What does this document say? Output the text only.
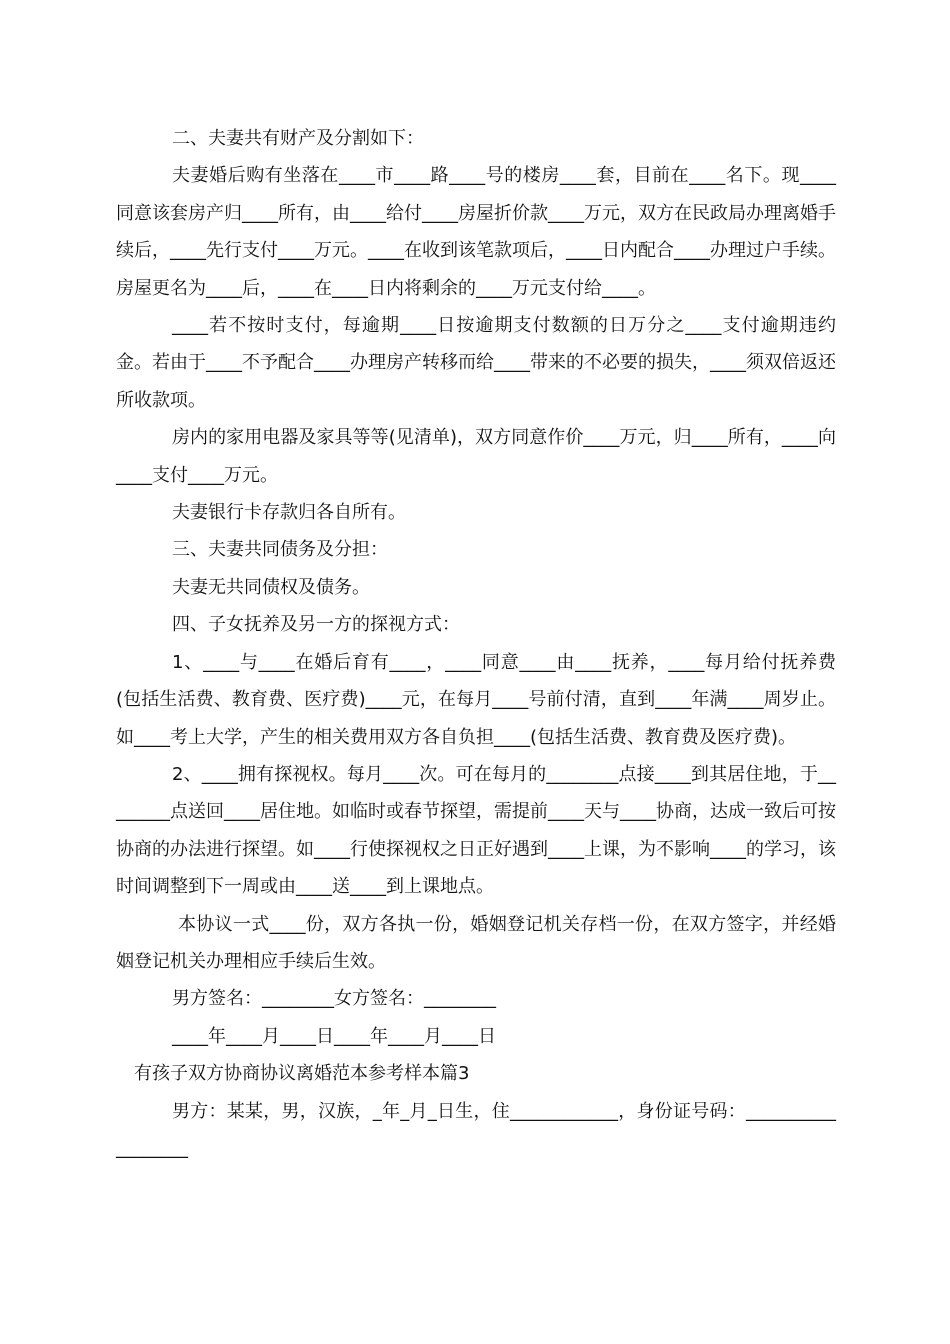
二、夫妻共有财产及分割如下：

夫妻婚后购有坐落在____市____路____号的楼房____套，目前在____名下。现____同意该套房产归____所有，由____给付____房屋折价款____万元，双方在民政局办理离婚手续后，____先行支付____万元。____在收到该笔款项后，____日内配合____办理过户手续。房屋更名为____后，____在____日内将剩余的____万元支付给____。

____若不按时支付，每逾期____日按逾期支付数额的日万分之____支付逾期违约金。若由于____不予配合____办理房产转移而给____带来的不必要的损失，____须双倍返还所收款项。

房内的家用电器及家具等等(见清单)，双方同意作价____万元，归____所有，____向____支付____万元。

夫妻银行卡存款归各自所有。

三、夫妻共同债务及分担：

夫妻无共同债权及债务。

四、子女抚养及另一方的探视方式：

1、____与____在婚后育有____，____同意____由____抚养，____每月给付抚养费(包括生活费、教育费、医疗费)____元，在每月____号前付清，直到____年满____周岁止。如____考上大学，产生的相关费用双方各自负担____(包括生活费、教育费及医疗费)。

2、____拥有探视权。每月____次。可在每月的________点接____到其居住地，于________点送回____居住地。如临时或春节探望，需提前____天与____协商，达成一致后可按协商的办法进行探望。如____行使探视权之日正好遇到____上课，为不影响____的学习，该时间调整到下一周或由____送____到上课地点。

本协议一式____份，双方各执一份，婚姻登记机关存档一份，在双方签字，并经婚姻登记机关办理相应手续后生效。

男方签名：________女方签名：________

____年____月____日____年____月____日

有孩子双方协商协议离婚范本参考样本篇3

男方：某某，男，汉族，_年_月_日生，住____________，身份证号码：__________________
